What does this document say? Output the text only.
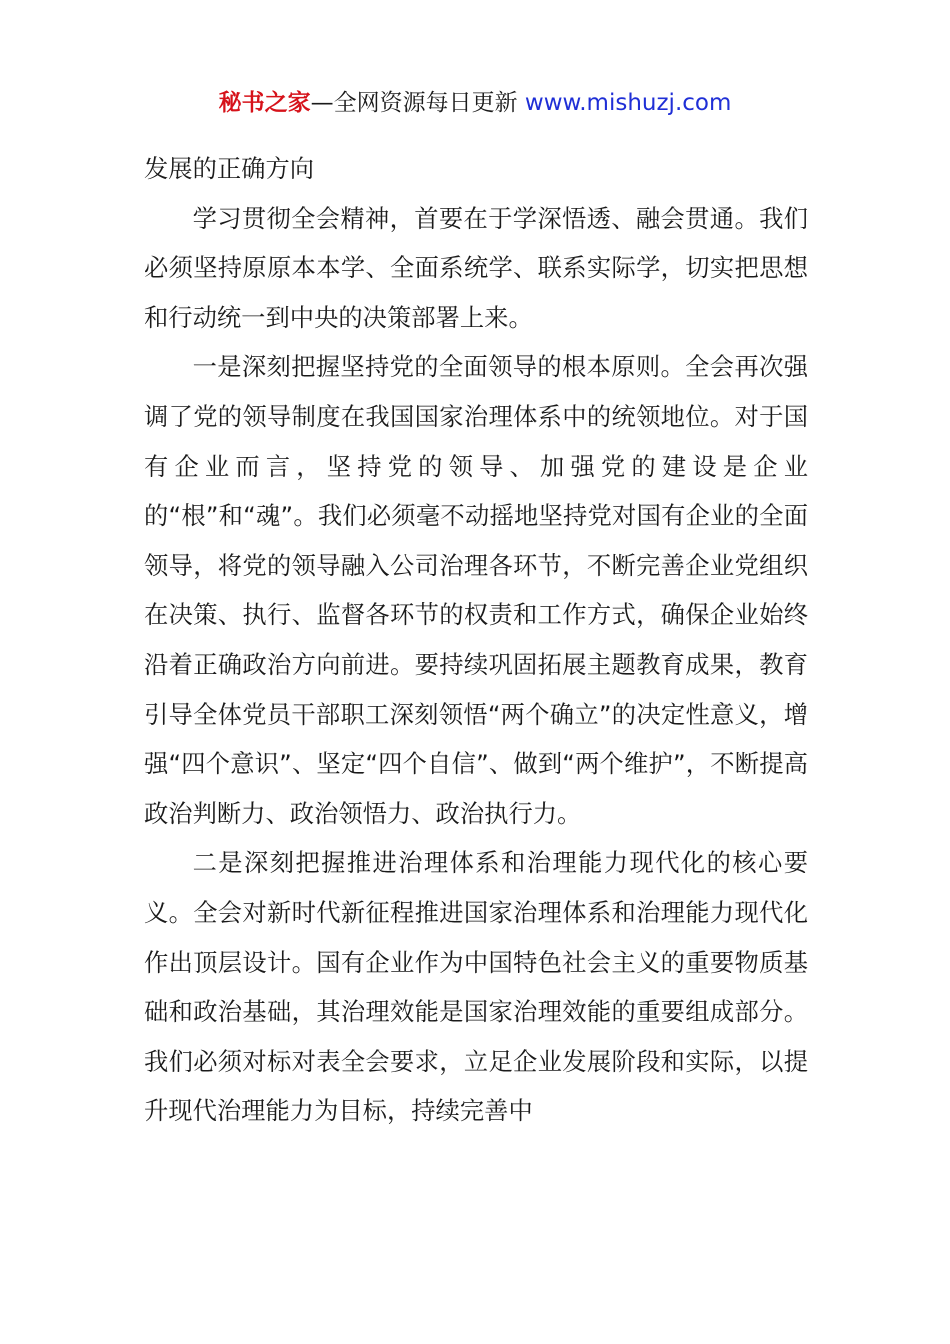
秘书之家—全网资源每日更新 www.mishuzj.com

发展的正确方向

学习贯彻全会精神，首要在于学深悟透、融会贯通。我们必须坚持原原本本学、全面系统学、联系实际学，切实把思想和行动统一到中央的决策部署上来。

一是深刻把握坚持党的全面领导的根本原则。全会再次强调了党的领导制度在我国国家治理体系中的统领地位。对于国有企业而言，坚持党的领导、加强党的建设是企业的“根”和“魂”。我们必须毫不动摇地坚持党对国有企业的全面领导，将党的领导融入公司治理各环节，不断完善企业党组织在决策、执行、监督各环节的权责和工作方式，确保企业始终沿着正确政治方向前进。要持续巩固拓展主题教育成果，教育引导全体党员干部职工深刻领悟“两个确立”的决定性意义，增强“四个意识”、坚定“四个自信”、做到“两个维护”，不断提高政治判断力、政治领悟力、政治执行力。

二是深刻把握推进治理体系和治理能力现代化的核心要义。全会对新时代新征程推进国家治理体系和治理能力现代化作出顶层设计。国有企业作为中国特色社会主义的重要物质基础和政治基础，其治理效能是国家治理效能的重要组成部分。我们必须对标对表全会要求，立足企业发展阶段和实际，以提升现代治理能力为目标，持续完善中
